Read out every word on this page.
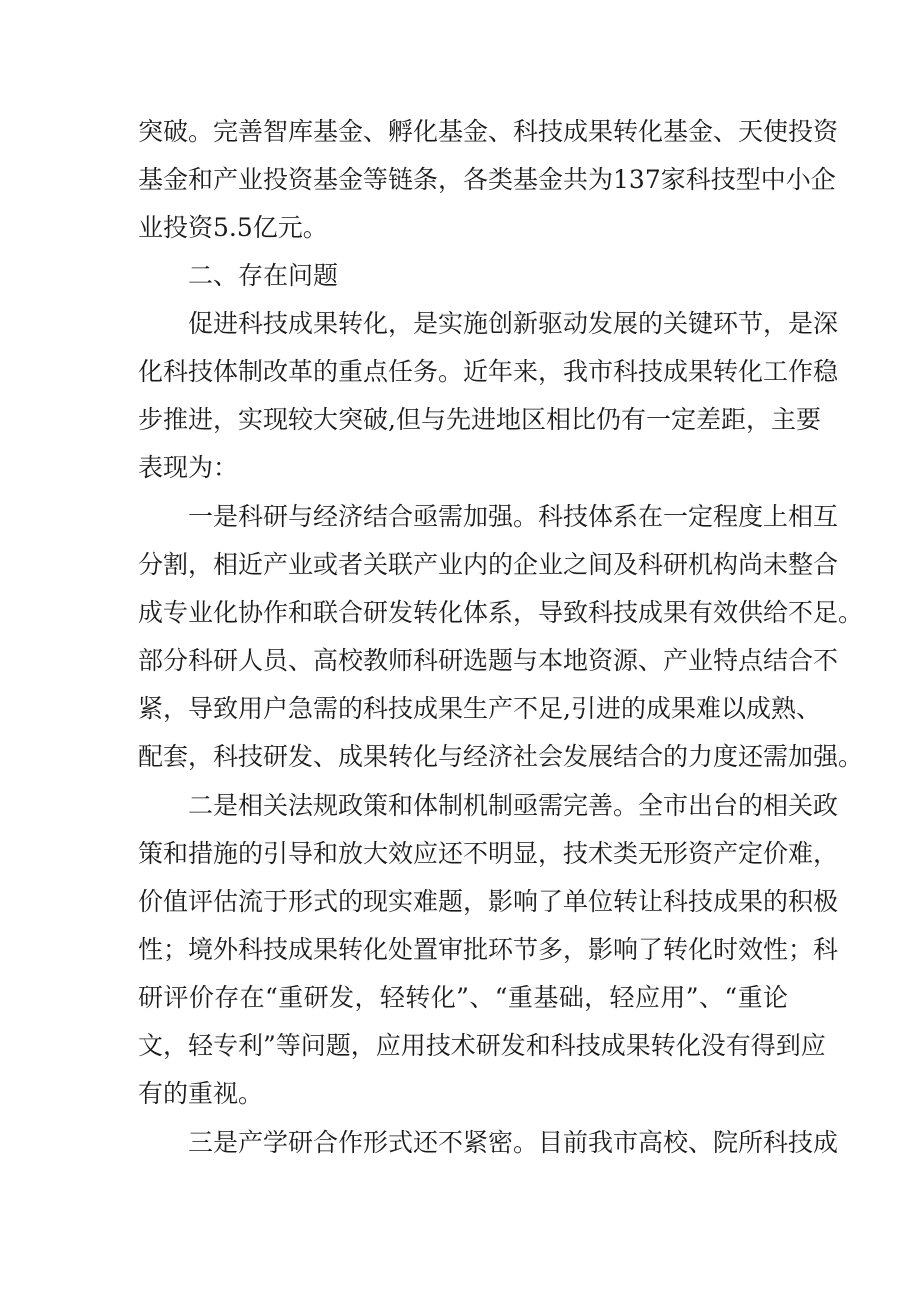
突破。完善智库基金、孵化基金、科技成果转化基金、天使投资
基金和产业投资基金等链条，各类基金共为137家科技型中小企
业投资5.5亿元。
二、存在问题
促进科技成果转化，是实施创新驱动发展的关键环节，是深
化科技体制改革的重点任务。近年来，我市科技成果转化工作稳
步推进，实现较大突破,但与先进地区相比仍有一定差距，主要
表现为：
一是科研与经济结合亟需加强。科技体系在一定程度上相互
分割，相近产业或者关联产业内的企业之间及科研机构尚未整合
成专业化协作和联合研发转化体系，导致科技成果有效供给不足。
部分科研人员、高校教师科研选题与本地资源、产业特点结合不
紧，导致用户急需的科技成果生产不足,引进的成果难以成熟、
配套，科技研发、成果转化与经济社会发展结合的力度还需加强。
二是相关法规政策和体制机制亟需完善。全市出台的相关政
策和措施的引导和放大效应还不明显，技术类无形资产定价难，
价值评估流于形式的现实难题，影响了单位转让科技成果的积极
性；境外科技成果转化处置审批环节多，影响了转化时效性；科
研评价存在“重研发，轻转化”、“重基础，轻应用”、“重论
文，轻专利”等问题，应用技术研发和科技成果转化没有得到应
有的重视。
三是产学研合作形式还不紧密。目前我市高校、院所科技成
